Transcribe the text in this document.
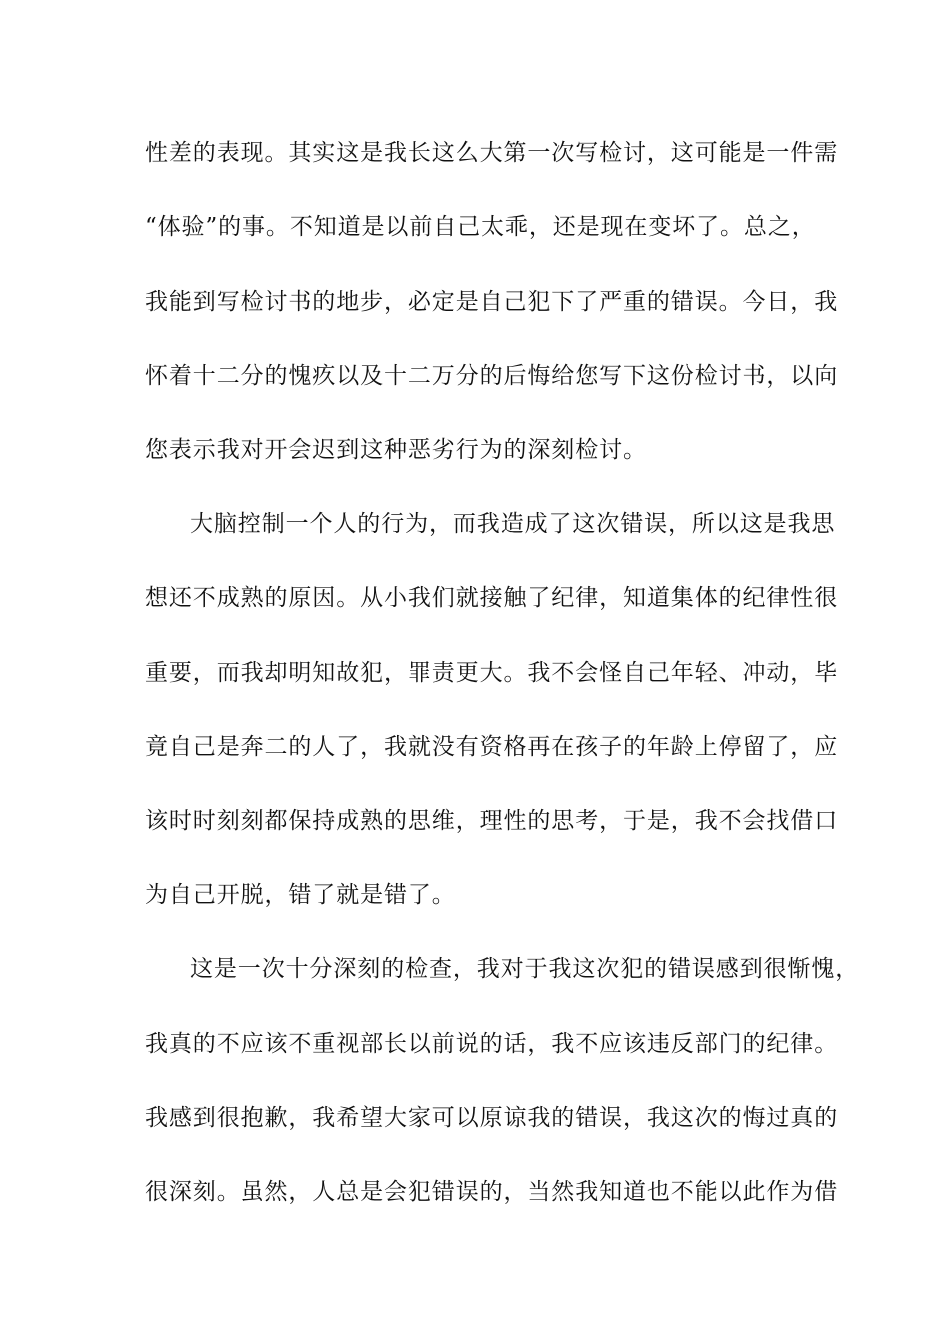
性差的表现。其实这是我长这么大第一次写检讨，这可能是一件需
“体验”的事。不知道是以前自己太乖，还是现在变坏了。总之，
我能到写检讨书的地步，必定是自己犯下了严重的错误。今日，我
怀着十二分的愧疚以及十二万分的后悔给您写下这份检讨书，以向
您表示我对开会迟到这种恶劣行为的深刻检讨。
大脑控制一个人的行为，而我造成了这次错误，所以这是我思
想还不成熟的原因。从小我们就接触了纪律，知道集体的纪律性很
重要，而我却明知故犯，罪责更大。我不会怪自己年轻、冲动，毕
竟自己是奔二的人了，我就没有资格再在孩子的年龄上停留了，应
该时时刻刻都保持成熟的思维，理性的思考，于是，我不会找借口
为自己开脱，错了就是错了。
这是一次十分深刻的检查，我对于我这次犯的错误感到很惭愧，
我真的不应该不重视部长以前说的话，我不应该违反部门的纪律。
我感到很抱歉，我希望大家可以原谅我的错误，我这次的悔过真的
很深刻。虽然，人总是会犯错误的，当然我知道也不能以此作为借
